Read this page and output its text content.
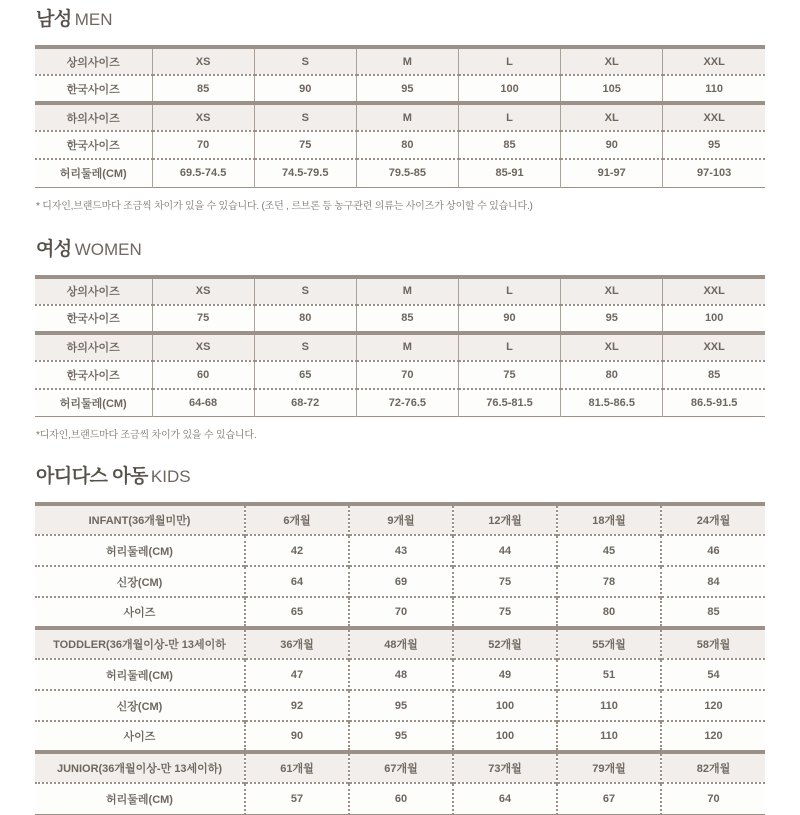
남성 MEN
상의사이즈	XS	S	M	L	XL	XXL
한국사이즈	85	90	95	100	105	110
하의사이즈	XS	S	M	L	XL	XXL
한국사이즈	70	75	80	85	90	95
허리둘레(CM)	69.5-74.5	74.5-79.5	79.5-85	85-91	91-97	97-103

* 디자인,브랜드마다 조금씩 차이가 있을 수 있습니다. (조던 , 르브론 등 농구관련 의류는 사이즈가 상이할 수 있습니다.)

여성 WOMEN
상의사이즈	XS	S	M	L	XL	XXL
한국사이즈	75	80	85	90	95	100
하의사이즈	XS	S	M	L	XL	XXL
한국사이즈	60	65	70	75	80	85
허리둘레(CM)	64-68	68-72	72-76.5	76.5-81.5	81.5-86.5	86.5-91.5

*디자인,브랜드마다 조금씩 차이가 있을 수 있습니다.

아디다스 아동 KIDS
INFANT(36개월미만)	6개월	9개월	12개월	18개월	24개월
허리둘레(CM)	42	43	44	45	46
신장(CM)	64	69	75	78	84
사이즈	65	70	75	80	85
TODDLER(36개월이상-만 13세이하	36개월	48개월	52개월	55개월	58개월
허리둘레(CM)	47	48	49	51	54
신장(CM)	92	95	100	110	120
사이즈	90	95	100	110	120
JUNIOR(36개월이상-만 13세이하)	61개월	67개월	73개월	79개월	82개월
허리둘레(CM)	57	60	64	67	70
